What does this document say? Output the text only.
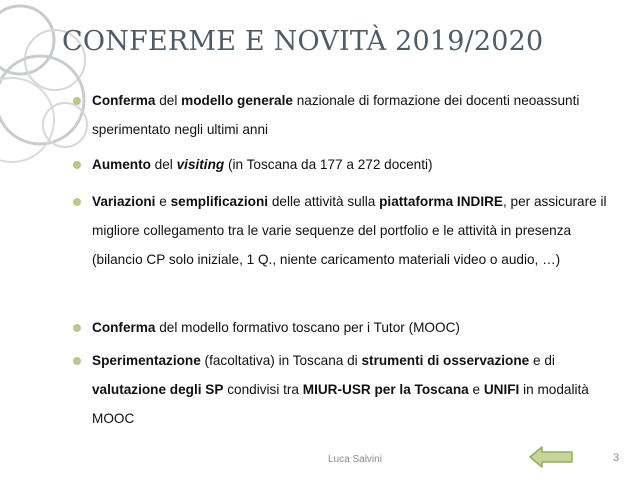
CONFERME E NOVITÀ 2019/2020
Conferma del modello generale nazionale di formazione dei docenti neoassunti sperimentato negli ultimi anni
Aumento del visiting (in Toscana da 177 a 272 docenti)
Variazioni e semplificazioni delle attività sulla piattaforma INDIRE, per assicurare il migliore collegamento tra le varie sequenze del portfolio e le attività in presenza (bilancio CP solo iniziale, 1 Q., niente caricamento materiali video o audio, …)
Conferma del modello formativo toscano per i Tutor (MOOC)
Sperimentazione (facoltativa) in Toscana di strumenti di osservazione e di valutazione degli SP condivisi tra MIUR-USR per la Toscana e UNIFI in modalità MOOC
Luca Salvini	3
